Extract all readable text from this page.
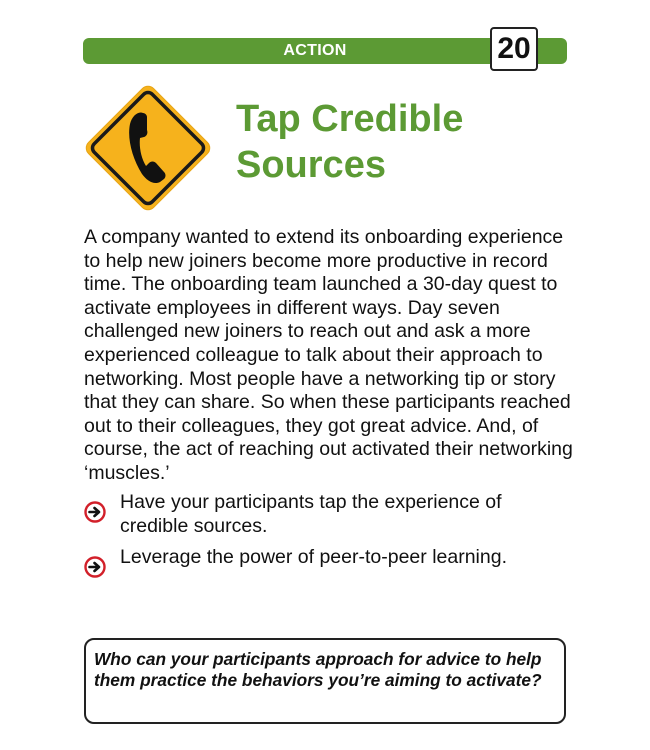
ACTION	20
Tap Credible
Sources

A company wanted to extend its onboarding experience to help new joiners become more productive in record time. The onboarding team launched a 30-day quest to activate employees in different ways. Day seven challenged new joiners to reach out and ask a more experienced colleague to talk about their approach to networking. Most people have a networking tip or story that they can share. So when these participants reached out to their colleagues, they got great advice. And, of course, the act of reaching out activated their networking ‘muscles.’

Have your participants tap the experience of credible sources.
Leverage the power of peer-to-peer learning.

Who can your participants approach for advice to help them practice the behaviors you’re aiming to activate?
